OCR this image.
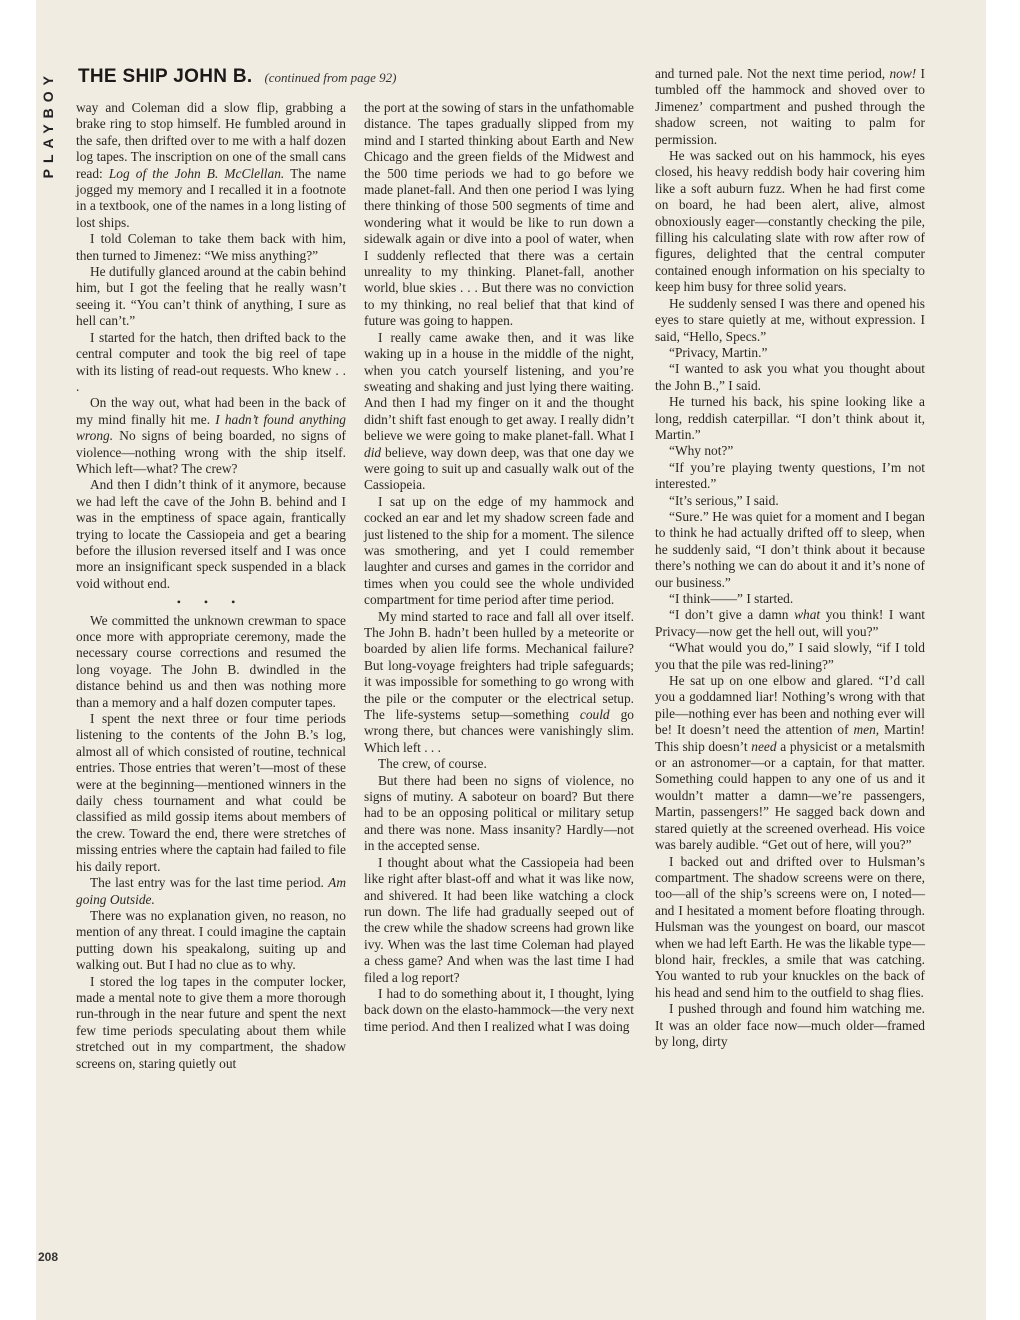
PLAYBOY THE SHIP JOHN B. (continued from page 92)

way and Coleman did a slow flip, grabbing a brake ring to stop himself. He fumbled around in the safe, then drifted over to me with a half dozen log tapes. The inscription on one of the small cans read: Log of the John B. McClellan. The name jogged my memory and I recalled it in a footnote in a textbook, one of the names in a long listing of lost ships.

I told Coleman to take them back with him, then turned to Jimenez: “We miss anything?”

He dutifully glanced around at the cabin behind him, but I got the feeling that he really wasn’t seeing it. “You can’t think of anything, I sure as hell can’t.”

I started for the hatch, then drifted back to the central computer and took the big reel of tape with its listing of read-out requests. Who knew . . .

On the way out, what had been in the back of my mind finally hit me. I hadn’t found anything wrong. No signs of being boarded, no signs of violence—nothing wrong with the ship itself. Which left—what? The crew?

And then I didn’t think of it anymore, because we had left the cave of the John B. behind and I was in the emptiness of space again, frantically trying to locate the Cassiopeia and get a bearing before the illusion reversed itself and I was once more an insignificant speck suspended in a black void without end.

• • •

We committed the unknown crewman to space once more with appropriate ceremony, made the necessary course corrections and resumed the long voyage. The John B. dwindled in the distance behind us and then was nothing more than a memory and a half dozen computer tapes.

I spent the next three or four time periods listening to the contents of the John B.’s log, almost all of which consisted of routine, technical entries. Those entries that weren’t—most of these were at the beginning—mentioned winners in the daily chess tournament and what could be classified as mild gossip items about members of the crew. Toward the end, there were stretches of missing entries where the captain had failed to file his daily report.

The last entry was for the last time period. Am going Outside.

There was no explanation given, no reason, no mention of any threat. I could imagine the captain putting down his speakalong, suiting up and walking out. But I had no clue as to why.

I stored the log tapes in the computer locker, made a mental note to give them a more thorough run-through in the near future and spent the next few time periods speculating about them while stretched out in my compartment, the shadow screens on, staring quietly out

the port at the sowing of stars in the unfathomable distance. The tapes gradually slipped from my mind and I started thinking about Earth and New Chicago and the green fields of the Midwest and the 500 time periods we had to go before we made planet-fall. And then one period I was lying there thinking of those 500 segments of time and wondering what it would be like to run down a sidewalk again or dive into a pool of water, when I suddenly reflected that there was a certain unreality to my thinking. Planet-fall, another world, blue skies . . . But there was no conviction to my thinking, no real belief that that kind of future was going to happen.

I really came awake then, and it was like waking up in a house in the middle of the night, when you catch yourself listening, and you’re sweating and shaking and just lying there waiting. And then I had my finger on it and the thought didn’t shift fast enough to get away. I really didn’t believe we were going to make planet-fall. What I did believe, way down deep, was that one day we were going to suit up and casually walk out of the Cassiopeia.

I sat up on the edge of my hammock and cocked an ear and let my shadow screen fade and just listened to the ship for a moment. The silence was smothering, and yet I could remember laughter and curses and games in the corridor and times when you could see the whole undivided compartment for time period after time period.

My mind started to race and fall all over itself. The John B. hadn’t been hulled by a meteorite or boarded by alien life forms. Mechanical failure? But long-voyage freighters had triple safeguards; it was impossible for something to go wrong with the pile or the computer or the electrical setup. The life-systems setup—something could go wrong there, but chances were vanishingly slim. Which left . . .

The crew, of course.

But there had been no signs of violence, no signs of mutiny. A saboteur on board? But there had to be an opposing political or military setup and there was none. Mass insanity? Hardly—not in the accepted sense.

I thought about what the Cassiopeia had been like right after blast-off and what it was like now, and shivered. It had been like watching a clock run down. The life had gradually seeped out of the crew while the shadow screens had grown like ivy. When was the last time Coleman had played a chess game? And when was the last time I had filed a log report?

I had to do something about it, I thought, lying back down on the elasto-hammock—the very next time period. And then I realized what I was doing

and turned pale. Not the next time period, now! I tumbled off the hammock and shoved over to Jimenez’ compartment and pushed through the shadow screen, not waiting to palm for permission.

He was sacked out on his hammock, his eyes closed, his heavy reddish body hair covering him like a soft auburn fuzz. When he had first come on board, he had been alert, alive, almost obnoxiously eager—constantly checking the pile, filling his calculating slate with row after row of figures, delighted that the central computer contained enough information on his specialty to keep him busy for three solid years.

He suddenly sensed I was there and opened his eyes to stare quietly at me, without expression. I said, “Hello, Specs.”

“Privacy, Martin.”

“I wanted to ask you what you thought about the John B.,” I said.

He turned his back, his spine looking like a long, reddish caterpillar. “I don’t think about it, Martin.”

“Why not?”

“If you’re playing twenty questions, I’m not interested.”

“It’s serious,” I said.

“Sure.” He was quiet for a moment and I began to think he had actually drifted off to sleep, when he suddenly said, “I don’t think about it because there’s nothing we can do about it and it’s none of our business.”

“I think——” I started.

“I don’t give a damn what you think! I want Privacy—now get the hell out, will you?”

“What would you do,” I said slowly, “if I told you that the pile was red-lining?”

He sat up on one elbow and glared. “I’d call you a goddamned liar! Nothing’s wrong with that pile—nothing ever has been and nothing ever will be! It doesn’t need the attention of men, Martin! This ship doesn’t need a physicist or a metalsmith or an astronomer—or a captain, for that matter. Something could happen to any one of us and it wouldn’t matter a damn—we’re passengers, Martin, passengers!” He sagged back down and stared quietly at the screened overhead. His voice was barely audible. “Get out of here, will you?”

I backed out and drifted over to Hulsman’s compartment. The shadow screens were on there, too—all of the ship’s screens were on, I noted—and I hesitated a moment before floating through. Hulsman was the youngest on board, our mascot when we had left Earth. He was the likable type—blond hair, freckles, a smile that was catching. You wanted to rub your knuckles on the back of his head and send him to the outfield to shag flies.

I pushed through and found him watching me. It was an older face now—much older—framed by long, dirty

208
